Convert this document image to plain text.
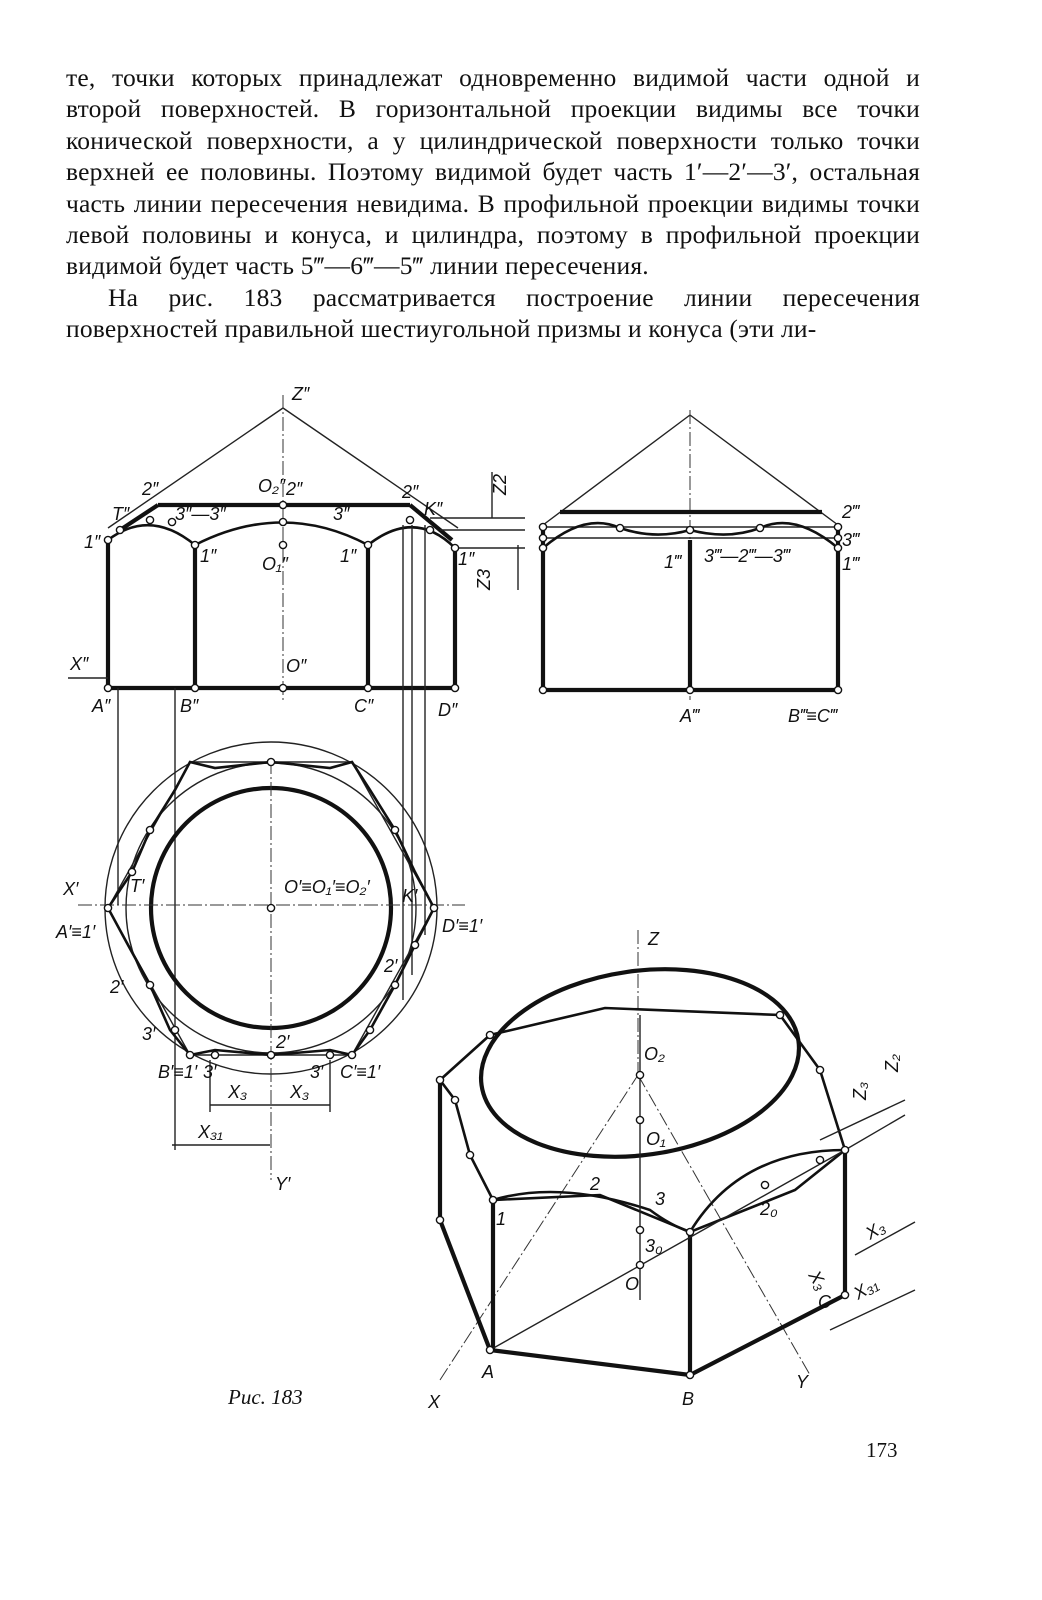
те, точки которых принадлежат одновременно видимой части одной и второй поверхностей. В горизонтальной проекции видимы все точки конической поверхности, а у цилиндрической поверхности только точки верхней ее половины. Поэтому видимой будет часть 1′—2′—3′, остальная часть линии пересечения невидима. В профильной проекции видимы точки левой половины и конуса, и цилиндра, поэтому в профильной проекции видимой будет часть 5‴—6‴—5‴ линии пересечения.

На рис. 183 рассматривается построение линии пересечения поверхностей правильной шестиугольной призмы и конуса (эти ли-

Z″
X″
O₂″
O₁″
O″
T″	K″
1″
1″	1″	1″
2″	2″	2″
3″—3″	3″
A″	B″	C″	D″
Z2
Z3
2‴
3‴
1‴
1‴ 3‴—2‴—3‴
A‴	B‴≡C‴
X′
Y′
O′≡O₁′≡O₂′
T′	K′
A′≡1′	D′≡1′
B′≡1′	C′≡1′
2′
2′
2′
3′
3′	3′
X₃ X₃
X₃₁
Z
X
Y
O₂
O₁
O
A
B
C
1
2
3
3₀
2₀
Z₂
Z₃
X₃
X₃ X₃₁
Рис. 183
173
